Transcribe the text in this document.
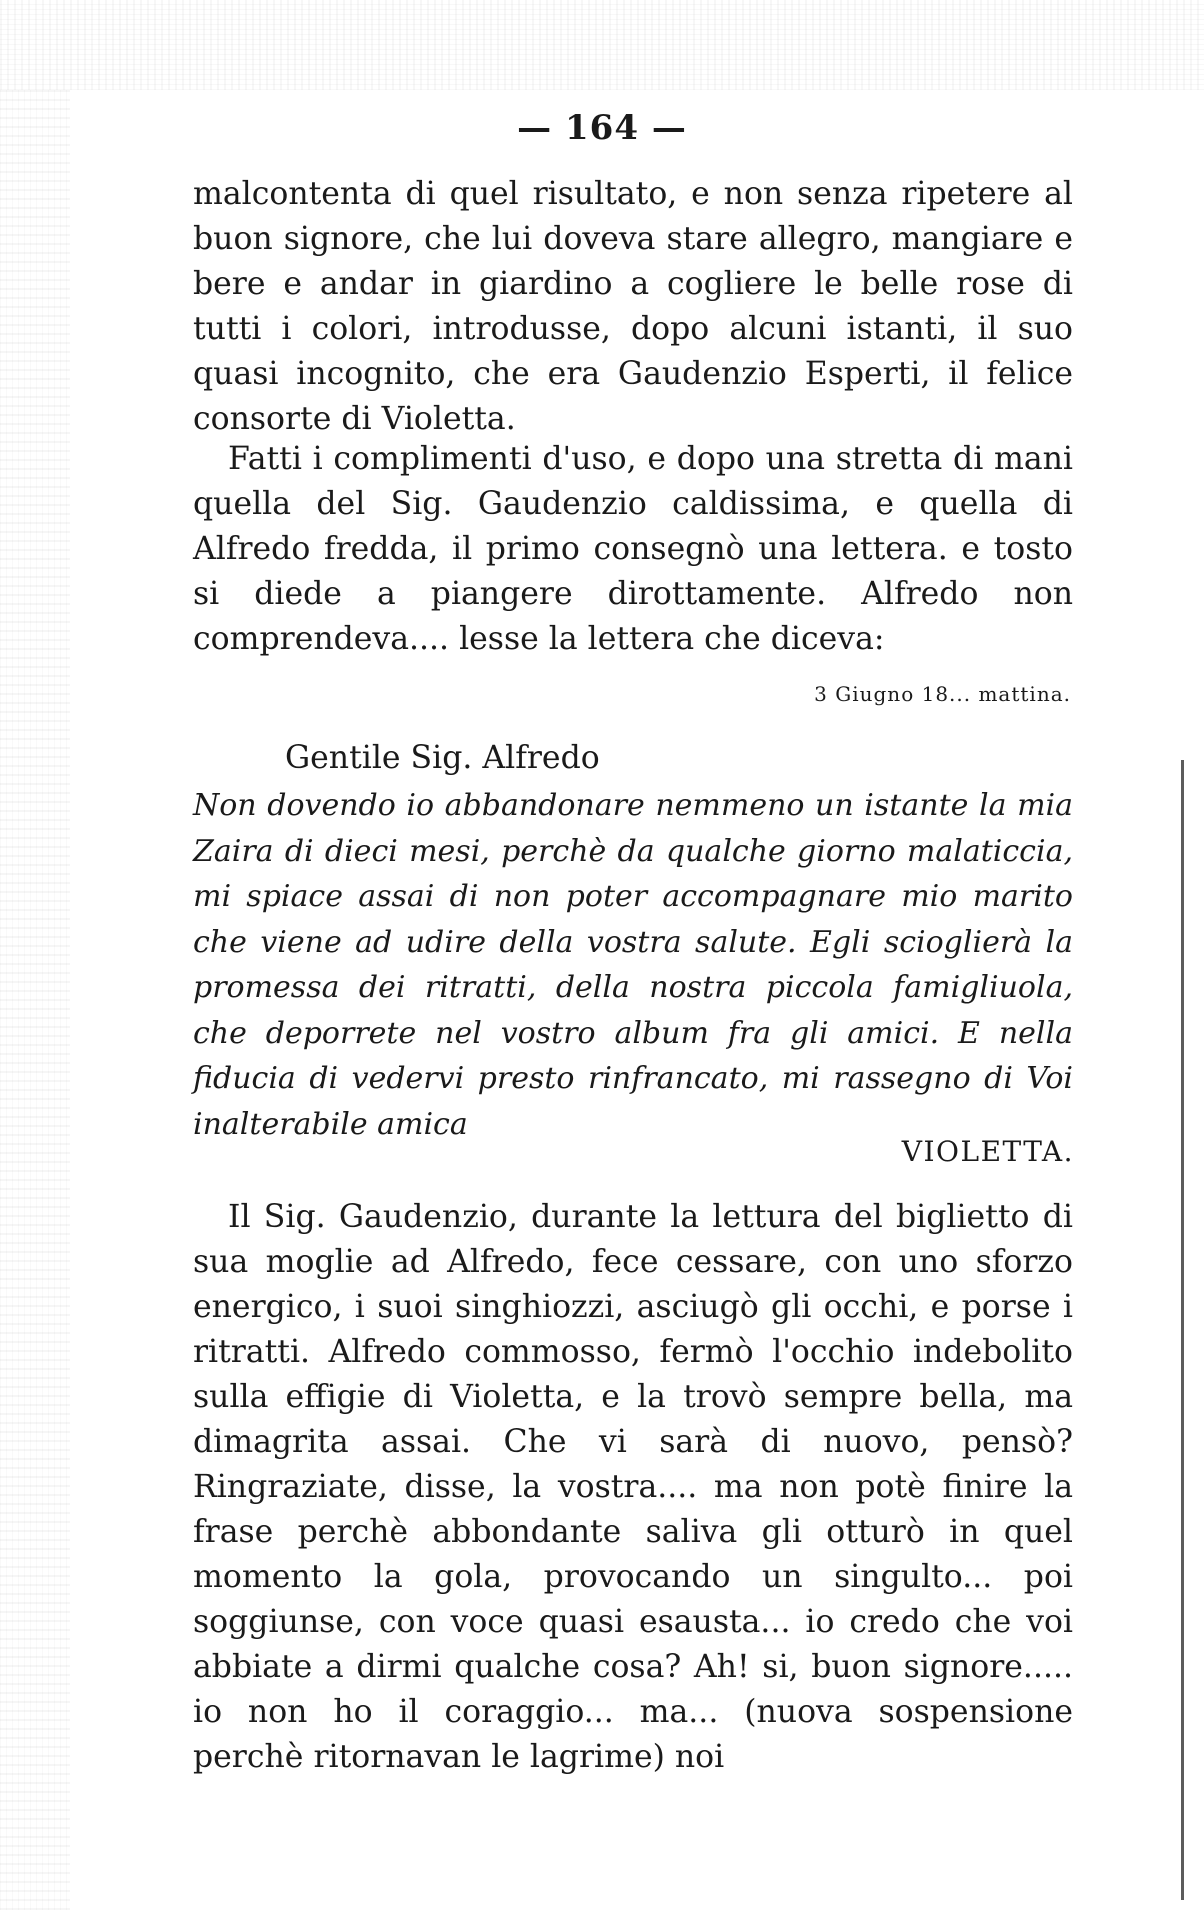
— 164 —
malcontenta di quel risultato, e non senza ripetere al buon signore, che lui doveva stare allegro, mangiare e bere e andar in giardino a cogliere le belle rose di tutti i colori, introdusse, dopo alcuni istanti, il suo quasi incognito, che era Gaudenzio Esperti, il felice consorte di Violetta.
Fatti i complimenti d'uso, e dopo una stretta di mani quella del Sig. Gaudenzio caldissima, e quella di Alfredo fredda, il primo consegnò una lettera. e tosto si diede a piangere dirottamente. Alfredo non comprendeva.... lesse la lettera che diceva:
3 Giugno 18... mattina.
Gentile Sig. Alfredo
Non dovendo io abbandonare nemmeno un istante la mia Zaira di dieci mesi, perchè da qualche giorno malaticcia, mi spiace assai di non poter accompagnare mio marito che viene ad udire della vostra salute. Egli scioglierà la promessa dei ritratti, della nostra piccola famigliuola, che deporrete nel vostro album fra gli amici. E nella fiducia di vedervi presto rinfrancato, mi rassegno di Voi inalterabile amica
VIOLETTA.
Il Sig. Gaudenzio, durante la lettura del biglietto di sua moglie ad Alfredo, fece cessare, con uno sforzo energico, i suoi singhiozzi, asciugò gli occhi, e porse i ritratti. Alfredo commosso, fermò l'occhio indebolito sulla effigie di Violetta, e la trovò sempre bella, ma dimagrita assai. Che vi sarà di nuovo, pensò? Ringraziate, disse, la vostra.... ma non potè finire la frase perchè abbondante saliva gli otturò in quel momento la gola, provocando un singulto... poi soggiunse, con voce quasi esausta... io credo che voi abbiate a dirmi qualche cosa? Ah! si, buon signore..... io non ho il coraggio... ma... (nuova sospensione perchè ritornavan le lagrime) noi
